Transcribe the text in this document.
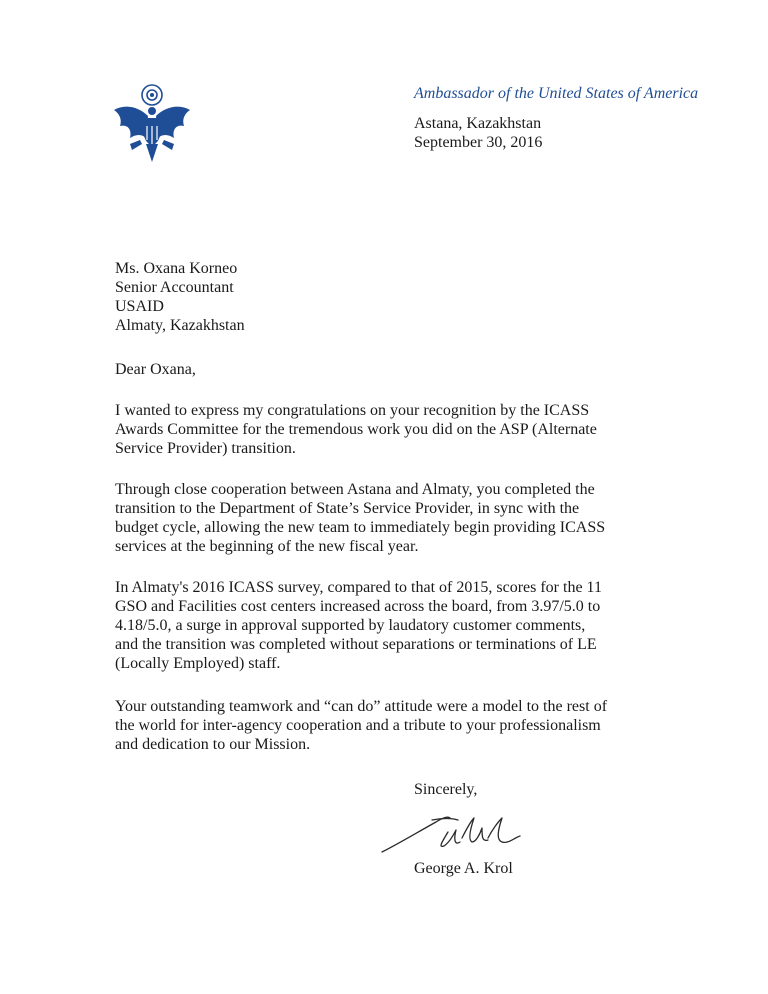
Ambassador of the United States of America
Astana, Kazakhstan
September 30, 2016
Ms. Oxana Korneo
Senior Accountant
USAID
Almaty, Kazakhstan
Dear Oxana,
I wanted to express my congratulations on your recognition by the ICASS
Awards Committee for the tremendous work you did on the ASP (Alternate
Service Provider) transition.
Through close cooperation between Astana and Almaty, you completed the
transition to the Department of State’s Service Provider, in sync with the
budget cycle, allowing the new team to immediately begin providing ICASS
services at the beginning of the new fiscal year.
In Almaty's 2016 ICASS survey, compared to that of 2015, scores for the 11
GSO and Facilities cost centers increased across the board, from 3.97/5.0 to
4.18/5.0, a surge in approval supported by laudatory customer comments,
and the transition was completed without separations or terminations of LE
(Locally Employed) staff.
Your outstanding teamwork and “can do” attitude were a model to the rest of
the world for inter-agency cooperation and a tribute to your professionalism
and dedication to our Mission.
Sincerely,
George A. Krol
